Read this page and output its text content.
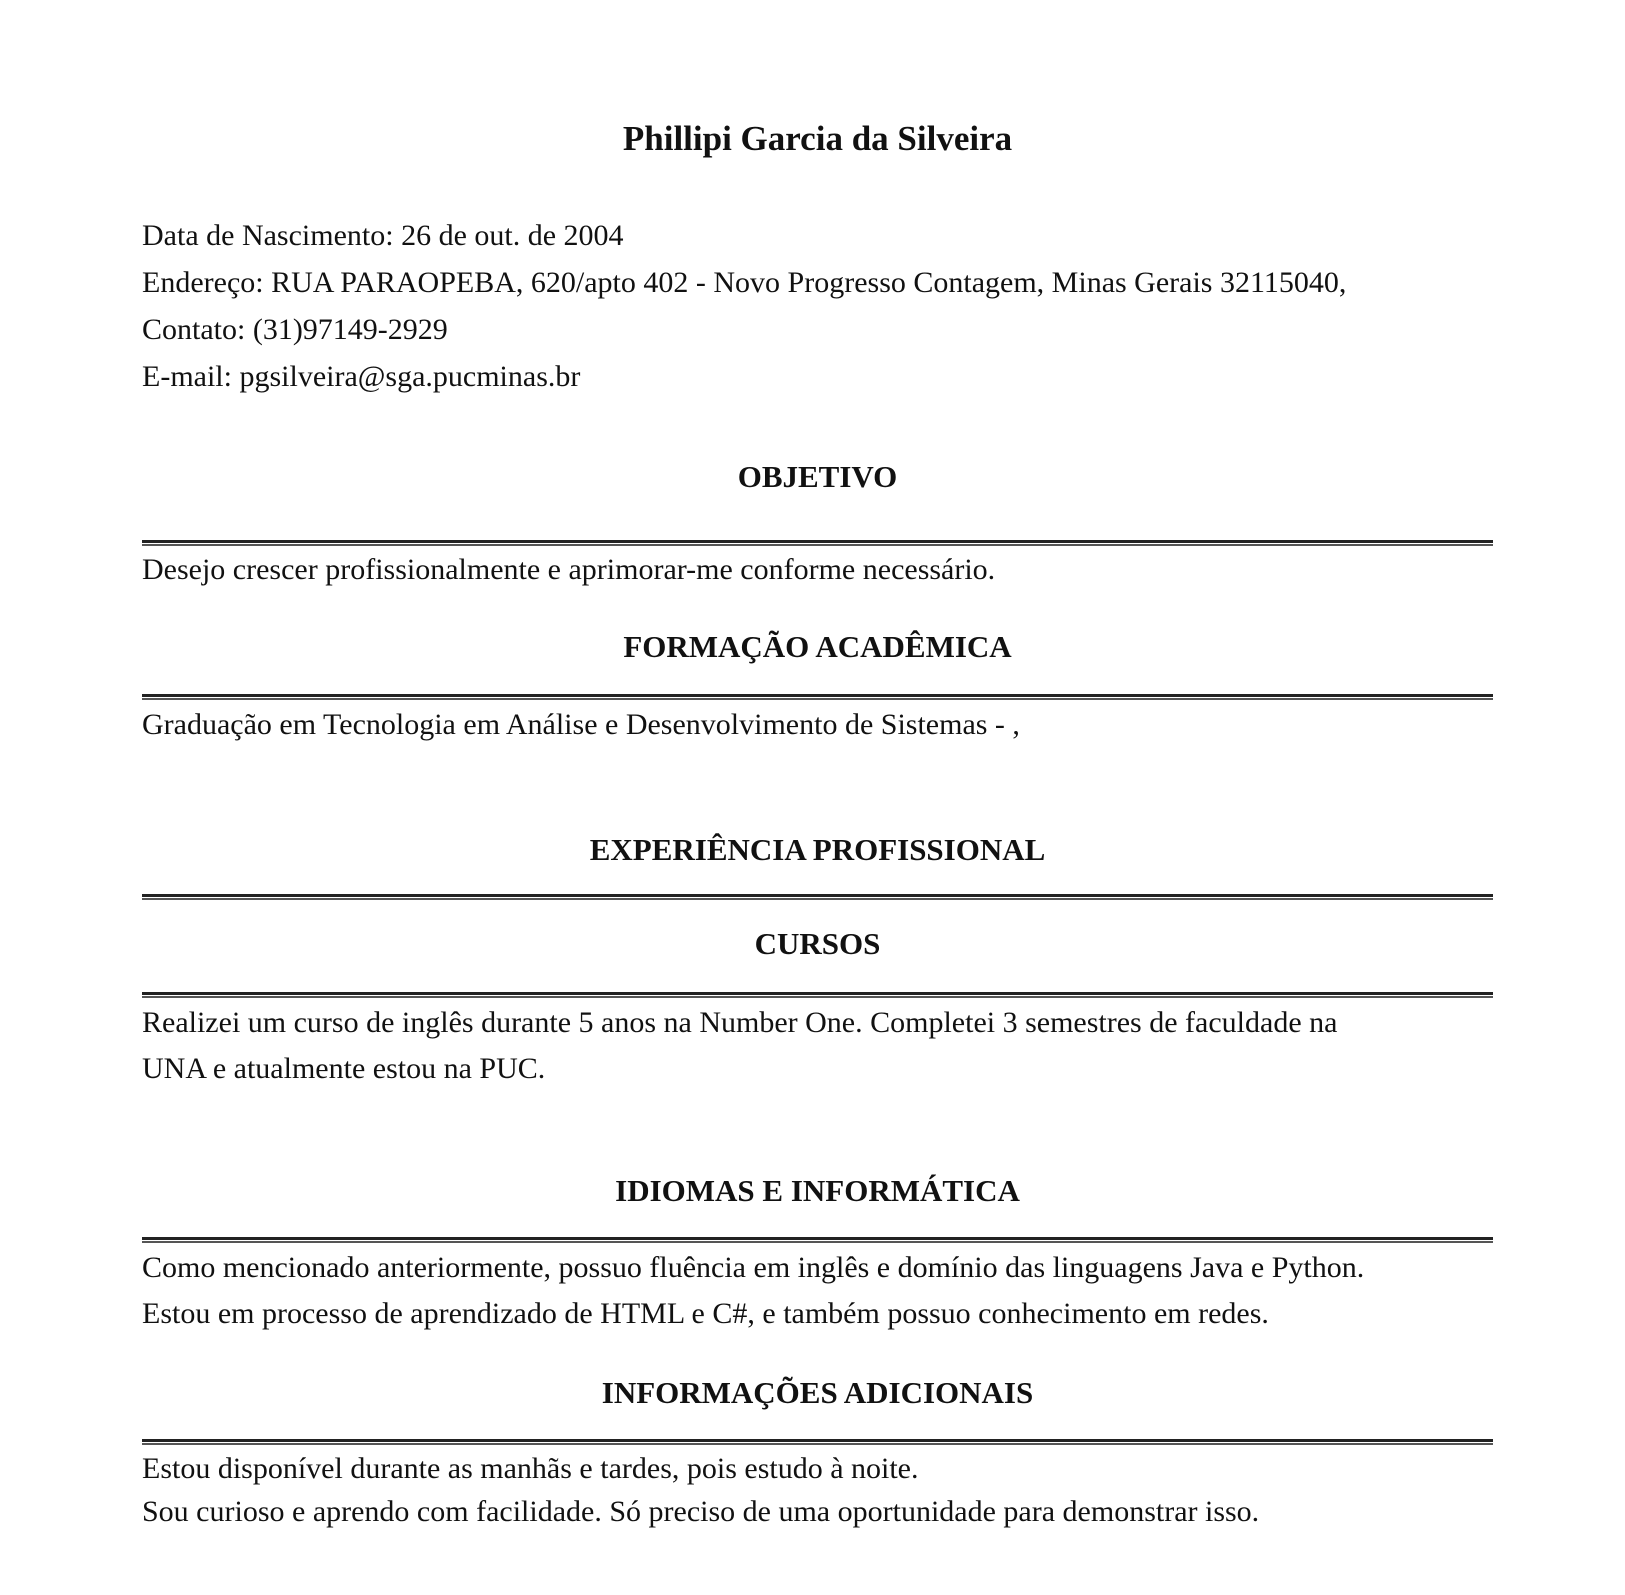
Phillipi Garcia da Silveira
Data de Nascimento: 26 de out. de 2004
Endereço: RUA PARAOPEBA, 620/apto 402 - Novo Progresso Contagem, Minas Gerais 32115040,
Contato: (31)97149-2929
E-mail: pgsilveira@sga.pucminas.br
OBJETIVO
Desejo crescer profissionalmente e aprimorar-me conforme necessário.
FORMAÇÃO ACADÊMICA
Graduação em Tecnologia em Análise e Desenvolvimento de Sistemas - ,
EXPERIÊNCIA PROFISSIONAL
CURSOS
Realizei um curso de inglês durante 5 anos na Number One. Completei 3 semestres de faculdade na
UNA e atualmente estou na PUC.
IDIOMAS E INFORMÁTICA
Como mencionado anteriormente, possuo fluência em inglês e domínio das linguagens Java e Python.
Estou em processo de aprendizado de HTML e C#, e também possuo conhecimento em redes.
INFORMAÇÕES ADICIONAIS
Estou disponível durante as manhãs e tardes, pois estudo à noite.
Sou curioso e aprendo com facilidade. Só preciso de uma oportunidade para demonstrar isso.
